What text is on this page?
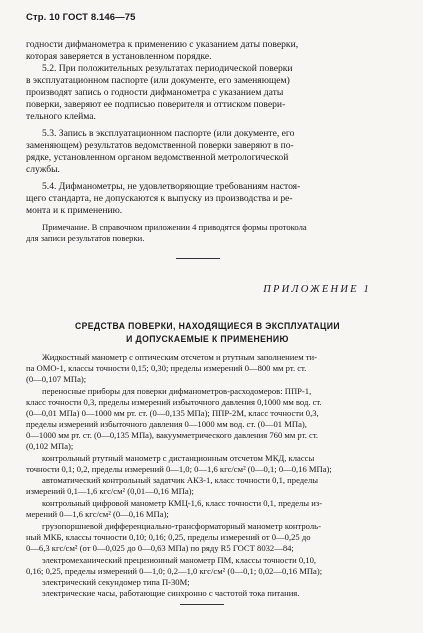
Стр. 10 ГОСТ 8.146—75
годности дифманометра к применению с указанием даты поверки,
которая заверяется в установленном порядке.
5.2. При положительных результатах периодической поверки
в эксплуатационном паспорте (или документе, его заменяющем)
производят запись о годности дифманометра с указанием даты
поверки, заверяют ее подписью поверителя и оттиском повери-
тельного клейма.
5.3. Запись в эксплуатационном паспорте (или документе, его
заменяющем) результатов ведомственной поверки заверяют в по-
рядке, установленном органом ведомственной метрологической
службы.
5.4. Дифманометры, не удовлетворяющие требованиям настоя-
щего стандарта, не допускаются к выпуску из производства и ре-
монта и к применению.
Примечание. В справочном приложении 4 приводятся формы протокола
для записи результатов поверки.
ПРИЛОЖЕНИЕ 1
СРЕДСТВА ПОВЕРКИ, НАХОДЯЩИЕСЯ В ЭКСПЛУАТАЦИИ
И ДОПУСКАЕМЫЕ К ПРИМЕНЕНИЮ
Жидкостный манометр с оптическим отсчетом и ртутным заполнением ти-
па ОМО-1, классы точности 0,15; 0,30; пределы измерений 0—800 мм рт. ст.
(0—0,107 МПа);
переносные приборы для поверки дифманометров-расходомеров: ППР-1,
класс точности 0,3, пределы измерений избыточного давления 0,1000 мм вод. ст.
(0—0,01 МПа) 0—1000 мм рт. ст. (0—0,135 МПа); ППР-2М, класс точности 0,3,
пределы измерений избыточного давления 0—1000 мм вод. ст. (0—01 МПа),
0—1000 мм рт. ст. (0—0,135 МПа), вакуумметрического давления 760 мм рт. ст.
(0,102 МПа);
контрольный ртутный манометр с дистанционным отсчетом МКД, классы
точности 0,1; 0,2, пределы измерений 0—1,0; 0—1,6 кгс/см² (0—0,1; 0—0,16 МПа);
автоматический контрольный задатчик АКЗ-1, класс точности 0,1, пределы
измерений 0,1—1,6 кгс/см² (0,01—0,16 МПа);
контрольный цифровой манометр КМЦ-1,6, класс точности 0,1, пределы из-
мерений 0—1,6 кгс/см² (0—0,16 МПа);
грузопоршневой дифференциально-трансформаторный манометр контроль-
ный МКБ, классы точности 0,10; 0,16; 0,25, пределы измерений от 0—0,25 до
0—6,3 кгс/см² (от 0—0,025 до 0—0,63 МПа) по ряду R5 ГОСТ 8032—84;
электромеханический прецизионный манометр ПМ, классы точности 0,10,
0,16; 0,25, пределы измерений 0—1,0; 0,2—1,0 кгс/см² (0—0,1; 0,02—0,16 МПа);
электрический секундомер типа П-30М;
электрические часы, работающие синхронно с частотой тока питания.
